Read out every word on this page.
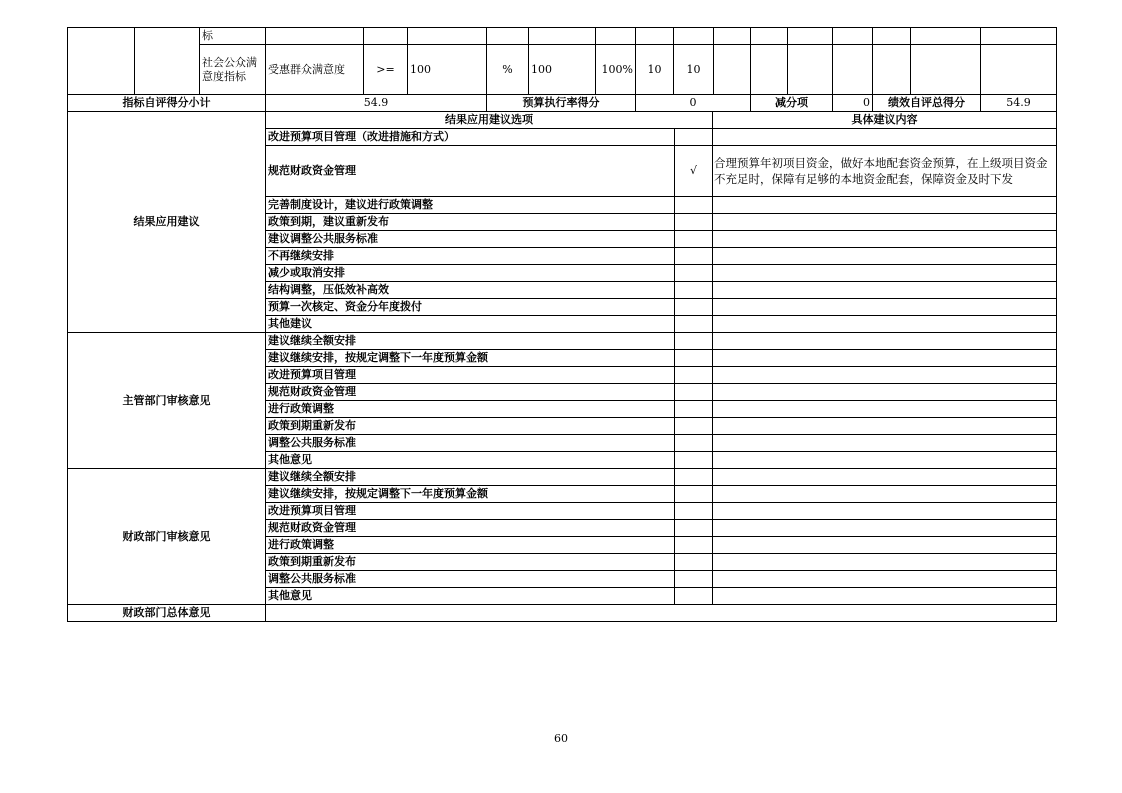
		标															
		社会公众满意度指标	受惠群众满意度	>=	100	%	100	100%	10	10							
指标自评得分小计			54.9			预算执行率得分			0			减分项		0	绩效自评总得分		54.9
结果应用建议	结果应用建议选项		具体建议内容
	改进预算项目管理（改进措施和方式）		
	规范财政资金管理	√	合理预算年初项目资金，做好本地配套资金预算，在上级项目资金不充足时，保障有足够的本地资金配套，保障资金及时下发
	完善制度设计，建议进行政策调整		
	政策到期，建议重新发布		
	建议调整公共服务标准		
	不再继续安排		
	减少或取消安排		
	结构调整，压低效补高效		
	预算一次核定、资金分年度拨付		
	其他建议		
主管部门审核意见	建议继续全额安排		
	建议继续安排，按规定调整下一年度预算金额		
	改进预算项目管理		
	规范财政资金管理		
	进行政策调整		
	政策到期重新发布		
	调整公共服务标准		
	其他意见		
财政部门审核意见	建议继续全额安排		
	建议继续安排，按规定调整下一年度预算金额		
	改进预算项目管理		
	规范财政资金管理		
	进行政策调整		
	政策到期重新发布		
	调整公共服务标准		
	其他意见		
财政部门总体意见			
60
